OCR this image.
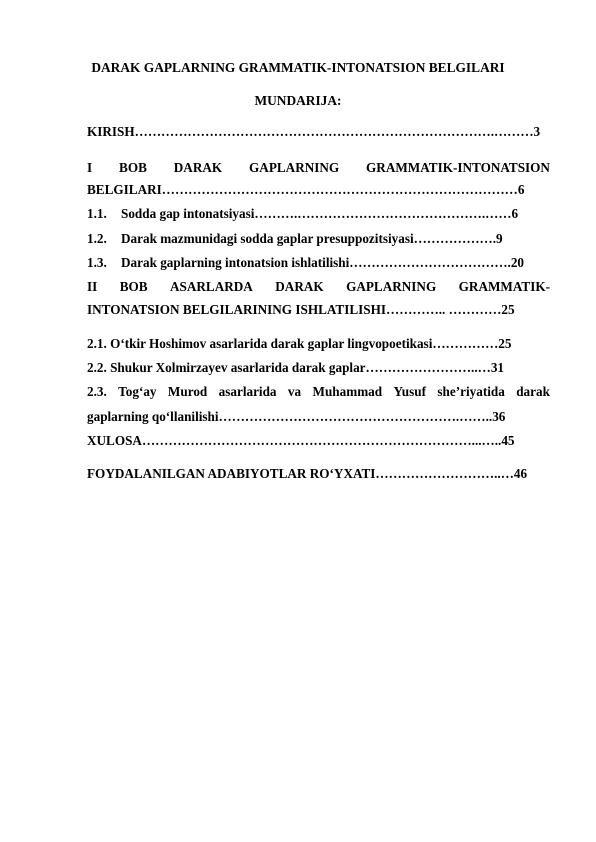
DARAK GAPLARNING GRAMMATIK-INTONATSION BELGILARI
MUNDARIJA:
KIRISH……………………………………………………………………….………3
I BOB DARAK GAPLARNING GRAMMATIK-INTONATSION
BELGILARI………………………………………………………………………6
1.1. Sodda gap intonatsiyasi……….…………………………………….……6
1.2. Darak mazmunidagi sodda gaplar presuppozitsiyasi……………….9
1.3. Darak gaplarning intonatsion ishlatilishi……………………………….20
II BOB ASARLARDA DARAK GAPLARNING GRAMMATIK-
INTONATSION BELGILARINING ISHLATILISHI………….. …………25
2.1. O‘tkir Hoshimov asarlarida darak gaplar lingvopoetikasi……………25
2.2. Shukur Xolmirzayev asarlarida darak gaplar……………………..…31
2.3. Tog‘ay Murod asarlarida va Muhammad Yusuf she’riyatida darak
gaplarning qo‘llanilishi……………………………………………….……..36
XULOSA…………………………………………………………………...…..45
FOYDALANILGAN ADABIYOTLAR RO‘YXATI………………………..…46
